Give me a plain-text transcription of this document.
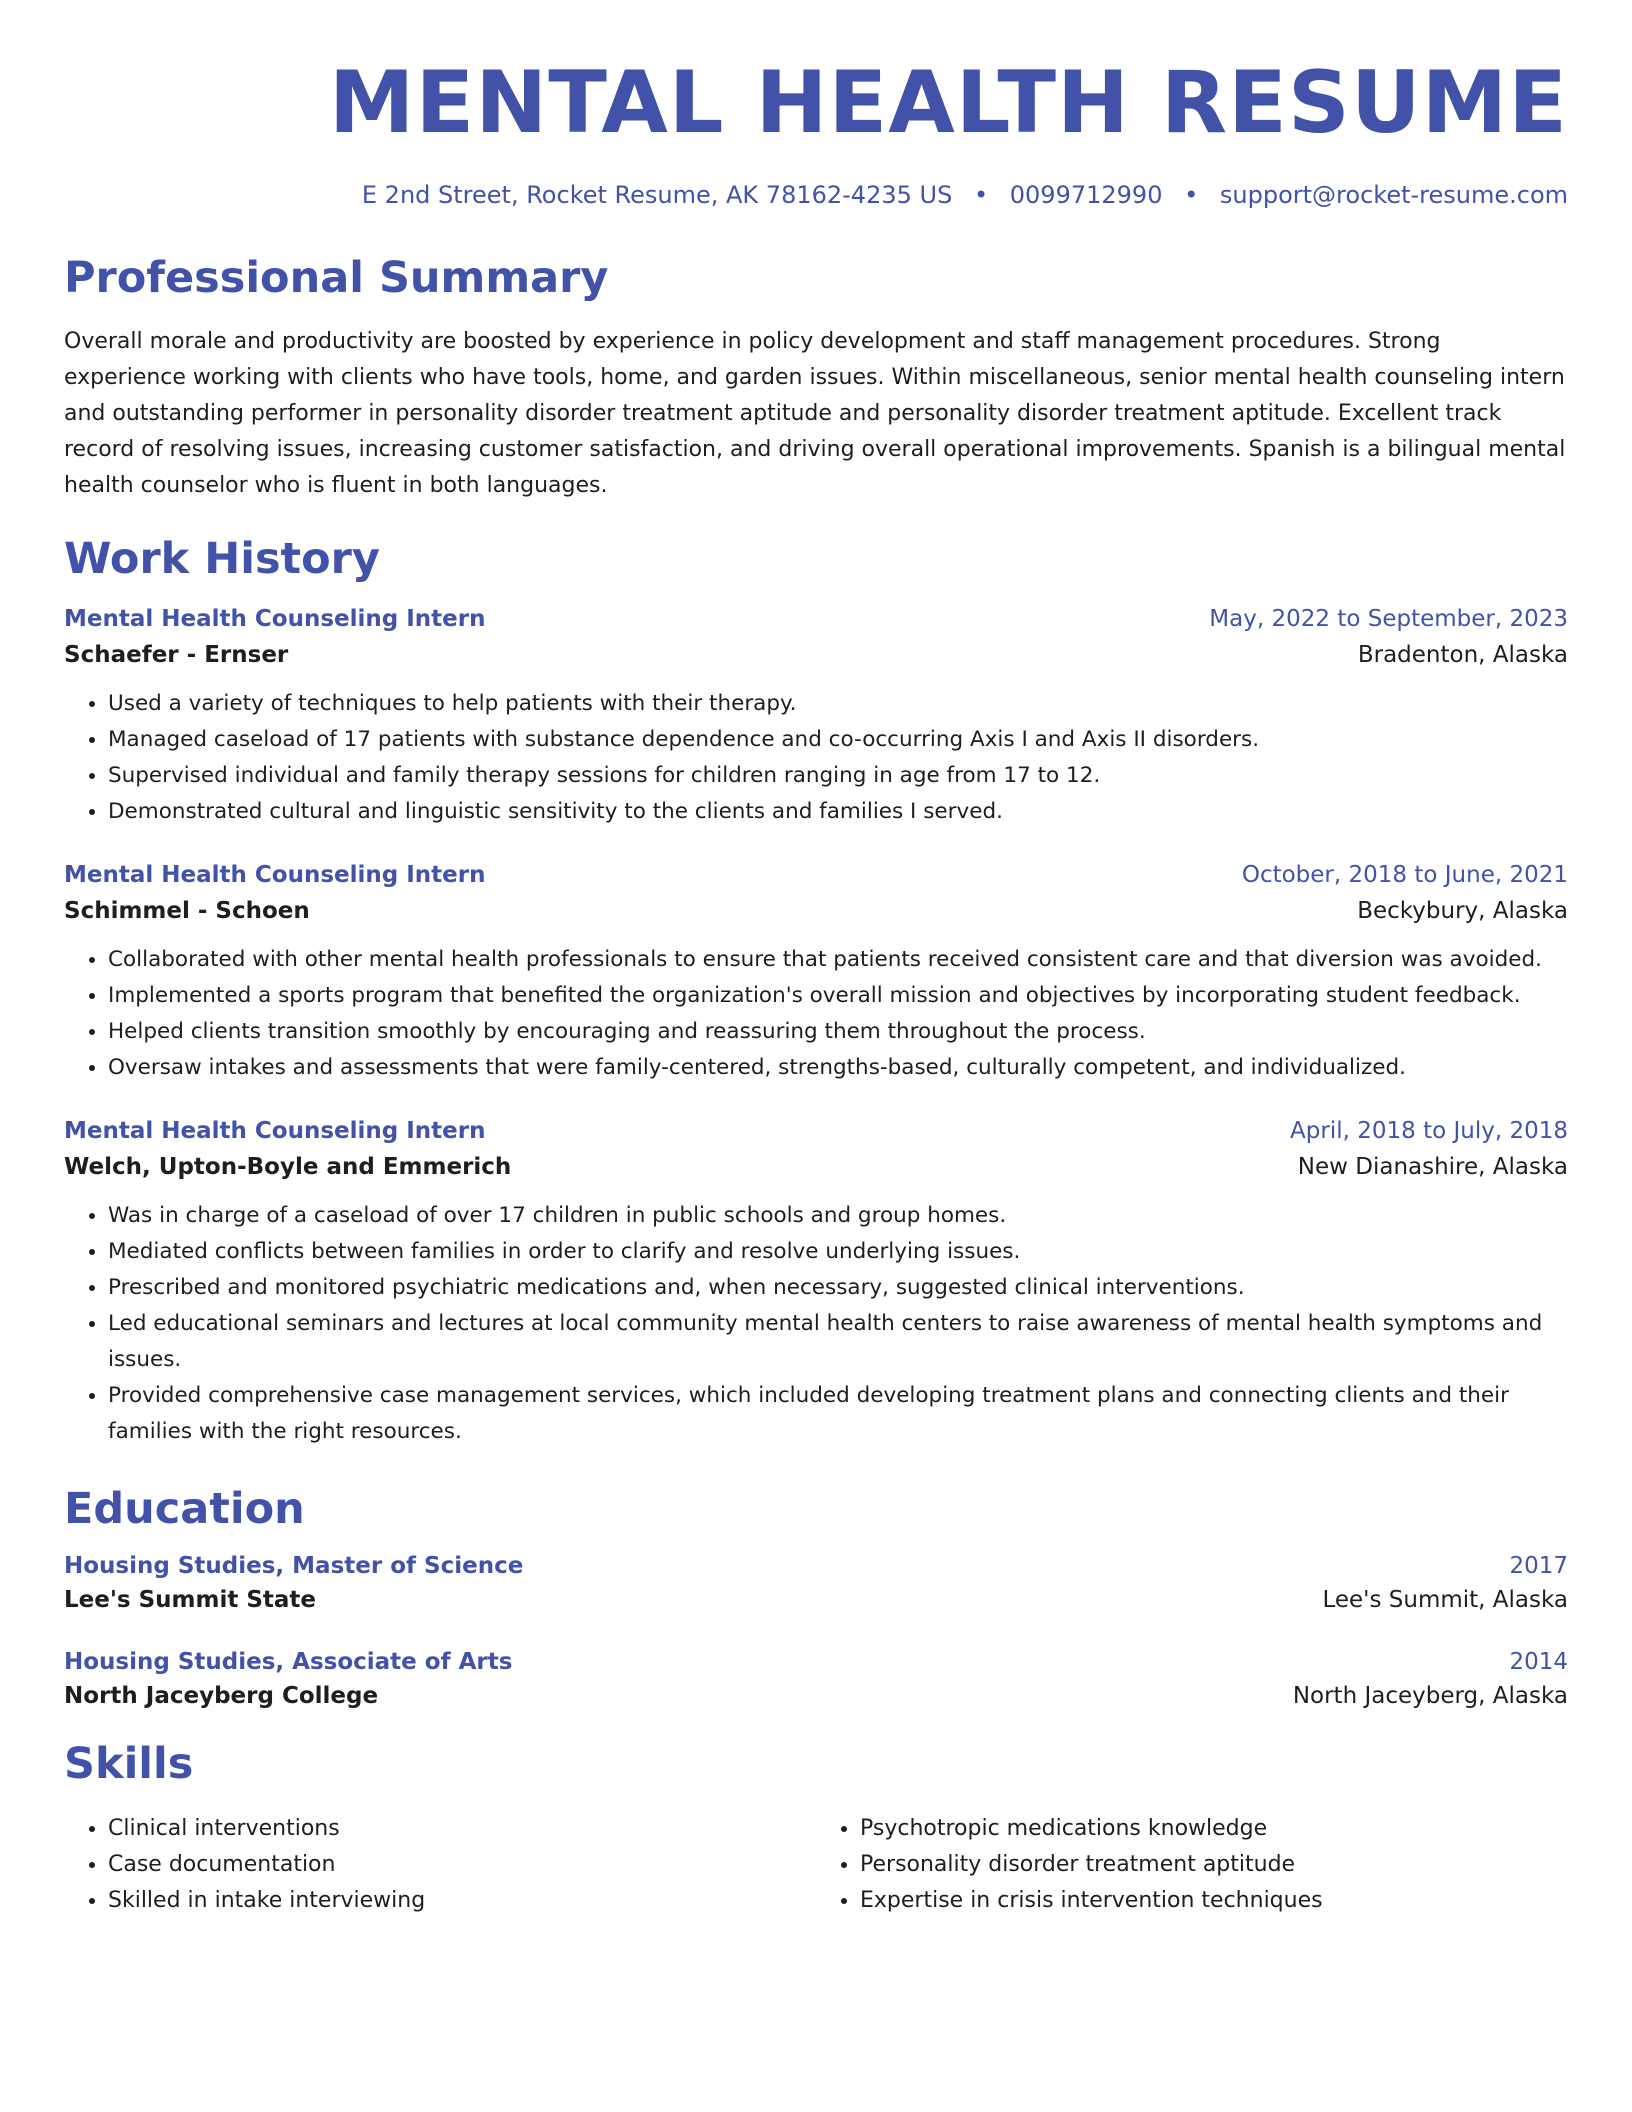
MENTAL HEALTH RESUME
E 2nd Street, Rocket Resume, AK 78162-4235 US • 0099712990 • support@rocket-resume.com
Professional Summary
Overall morale and productivity are boosted by experience in policy development and staff management procedures. Strong experience working with clients who have tools, home, and garden issues. Within miscellaneous, senior mental health counseling intern and outstanding performer in personality disorder treatment aptitude and personality disorder treatment aptitude. Excellent track record of resolving issues, increasing customer satisfaction, and driving overall operational improvements. Spanish is a bilingual mental health counselor who is fluent in both languages.
Work History
Mental Health Counseling Intern	May, 2022 to September, 2023
Schaefer - Ernser	Bradenton, Alaska
• Used a variety of techniques to help patients with their therapy.
• Managed caseload of 17 patients with substance dependence and co-occurring Axis I and Axis II disorders.
• Supervised individual and family therapy sessions for children ranging in age from 17 to 12.
• Demonstrated cultural and linguistic sensitivity to the clients and families I served.
Mental Health Counseling Intern	October, 2018 to June, 2021
Schimmel - Schoen	Beckybury, Alaska
• Collaborated with other mental health professionals to ensure that patients received consistent care and that diversion was avoided.
• Implemented a sports program that benefited the organization's overall mission and objectives by incorporating student feedback.
• Helped clients transition smoothly by encouraging and reassuring them throughout the process.
• Oversaw intakes and assessments that were family-centered, strengths-based, culturally competent, and individualized.
Mental Health Counseling Intern	April, 2018 to July, 2018
Welch, Upton-Boyle and Emmerich	New Dianashire, Alaska
• Was in charge of a caseload of over 17 children in public schools and group homes.
• Mediated conflicts between families in order to clarify and resolve underlying issues.
• Prescribed and monitored psychiatric medications and, when necessary, suggested clinical interventions.
• Led educational seminars and lectures at local community mental health centers to raise awareness of mental health symptoms and issues.
• Provided comprehensive case management services, which included developing treatment plans and connecting clients and their families with the right resources.
Education
Housing Studies, Master of Science	2017
Lee's Summit State	Lee's Summit, Alaska
Housing Studies, Associate of Arts	2014
North Jaceyberg College	North Jaceyberg, Alaska
Skills
• Clinical interventions
• Case documentation
• Skilled in intake interviewing
• Psychotropic medications knowledge
• Personality disorder treatment aptitude
• Expertise in crisis intervention techniques
